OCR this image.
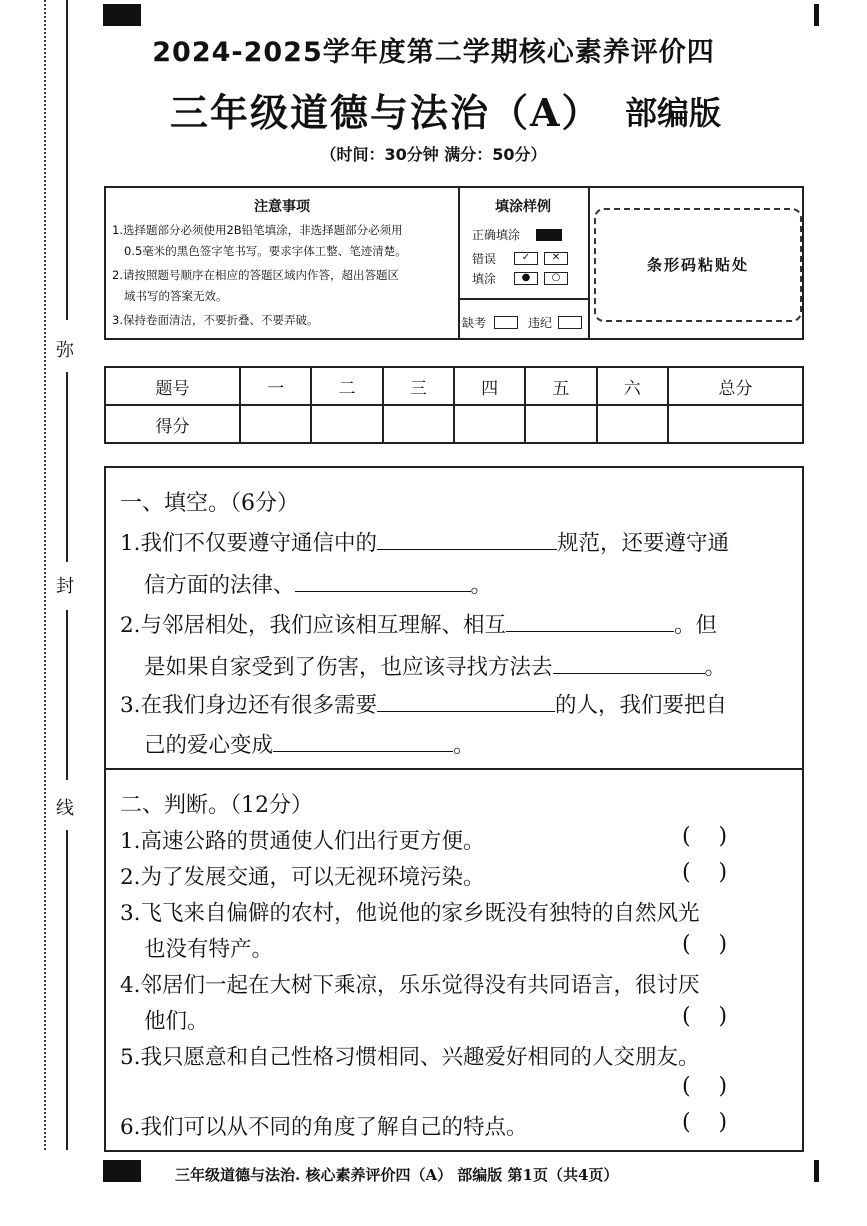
弥
封
线
2024-2025学年度第二学期核心素养评价四
三年级道德与法治（A） 部编版
（时间：30分钟 满分：50分）
注意事项
1.选择题部分必须使用2B铅笔填涂，非选择题部分必须用
0.5毫米的黑色签字笔书写。要求字体工整、笔迹清楚。
2.请按照题号顺序在相应的答题区域内作答，超出答题区
域书写的答案无效。
3.保持卷面清洁，不要折叠、不要弄破。
填涂样例
正确填涂
错误	✓	✕
填涂	●	○
缺考	违纪
条形码粘贴处
题号	一	二	三	四	五	六	总分
得分							
一、填空。（6分）
1.我们不仅要遵守通信中的	规范，还要遵守通
信方面的法律、	。
2.与邻居相处，我们应该相互理解、相互	。但
是如果自家受到了伤害，也应该寻找方法去	。
3.在我们身边还有很多需要	的人，我们要把自
己的爱心变成	。
二、判断。（12分）
1.高速公路的贯通使人们出行更方便。	(    )
2.为了发展交通，可以无视环境污染。	(    )
3.飞飞来自偏僻的农村，他说他的家乡既没有独特的自然风光
也没有特产。	(    )
4.邻居们一起在大树下乘凉，乐乐觉得没有共同语言，很讨厌
他们。	(    )
5.我只愿意和自己性格习惯相同、兴趣爱好相同的人交朋友。
(    )
6.我们可以从不同的角度了解自己的特点。	(    )
三年级道德与法治. 核心素养评价四（A） 部编版 第1页（共4页）
